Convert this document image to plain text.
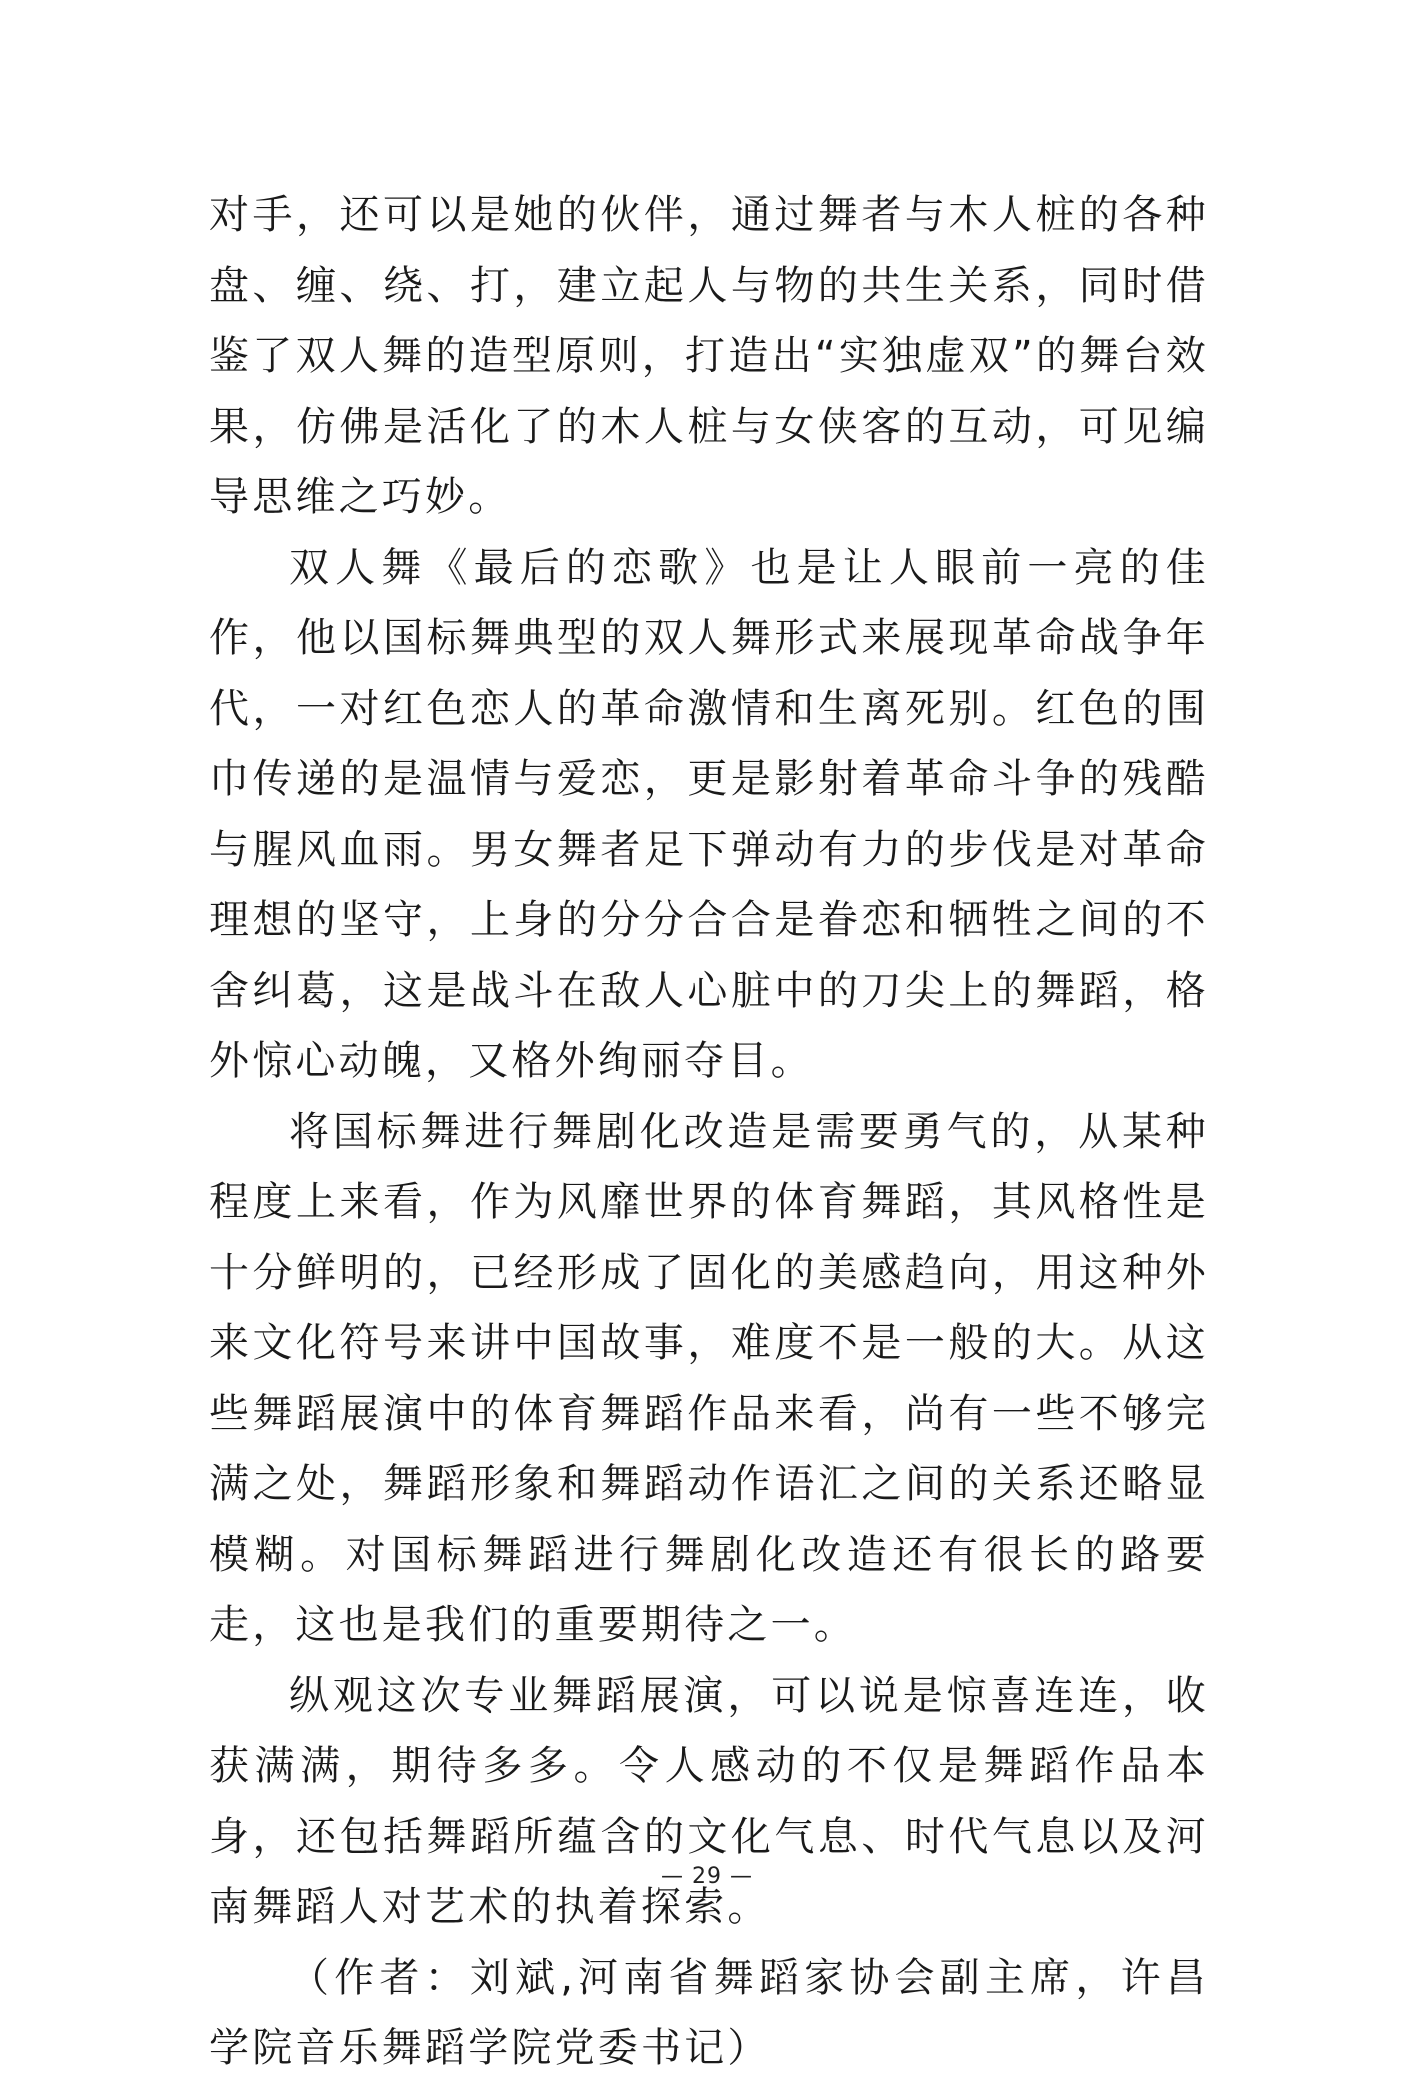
对手，还可以是她的伙伴，通过舞者与木人桩的各种盘、缠、绕、打，建立起人与物的共生关系，同时借鉴了双人舞的造型原则，打造出“实独虚双”的舞台效果，仿佛是活化了的木人桩与女侠客的互动，可见编导思维之巧妙。

双人舞《最后的恋歌》也是让人眼前一亮的佳作，他以国标舞典型的双人舞形式来展现革命战争年代，一对红色恋人的革命激情和生离死别。红色的围巾传递的是温情与爱恋，更是影射着革命斗争的残酷与腥风血雨。男女舞者足下弹动有力的步伐是对革命理想的坚守，上身的分分合合是眷恋和牺牲之间的不舍纠葛，这是战斗在敌人心脏中的刀尖上的舞蹈，格外惊心动魄，又格外绚丽夺目。

将国标舞进行舞剧化改造是需要勇气的，从某种程度上来看，作为风靡世界的体育舞蹈，其风格性是十分鲜明的，已经形成了固化的美感趋向，用这种外来文化符号来讲中国故事，难度不是一般的大。从这些舞蹈展演中的体育舞蹈作品来看，尚有一些不够完满之处，舞蹈形象和舞蹈动作语汇之间的关系还略显模糊。对国标舞蹈进行舞剧化改造还有很长的路要走，这也是我们的重要期待之一。

纵观这次专业舞蹈展演，可以说是惊喜连连，收获满满，期待多多。令人感动的不仅是舞蹈作品本身，还包括舞蹈所蕴含的文化气息、时代气息以及河南舞蹈人对艺术的执着探索。

（作者：刘斌,河南省舞蹈家协会副主席，许昌学院音乐舞蹈学院党委书记）

— 29 —
